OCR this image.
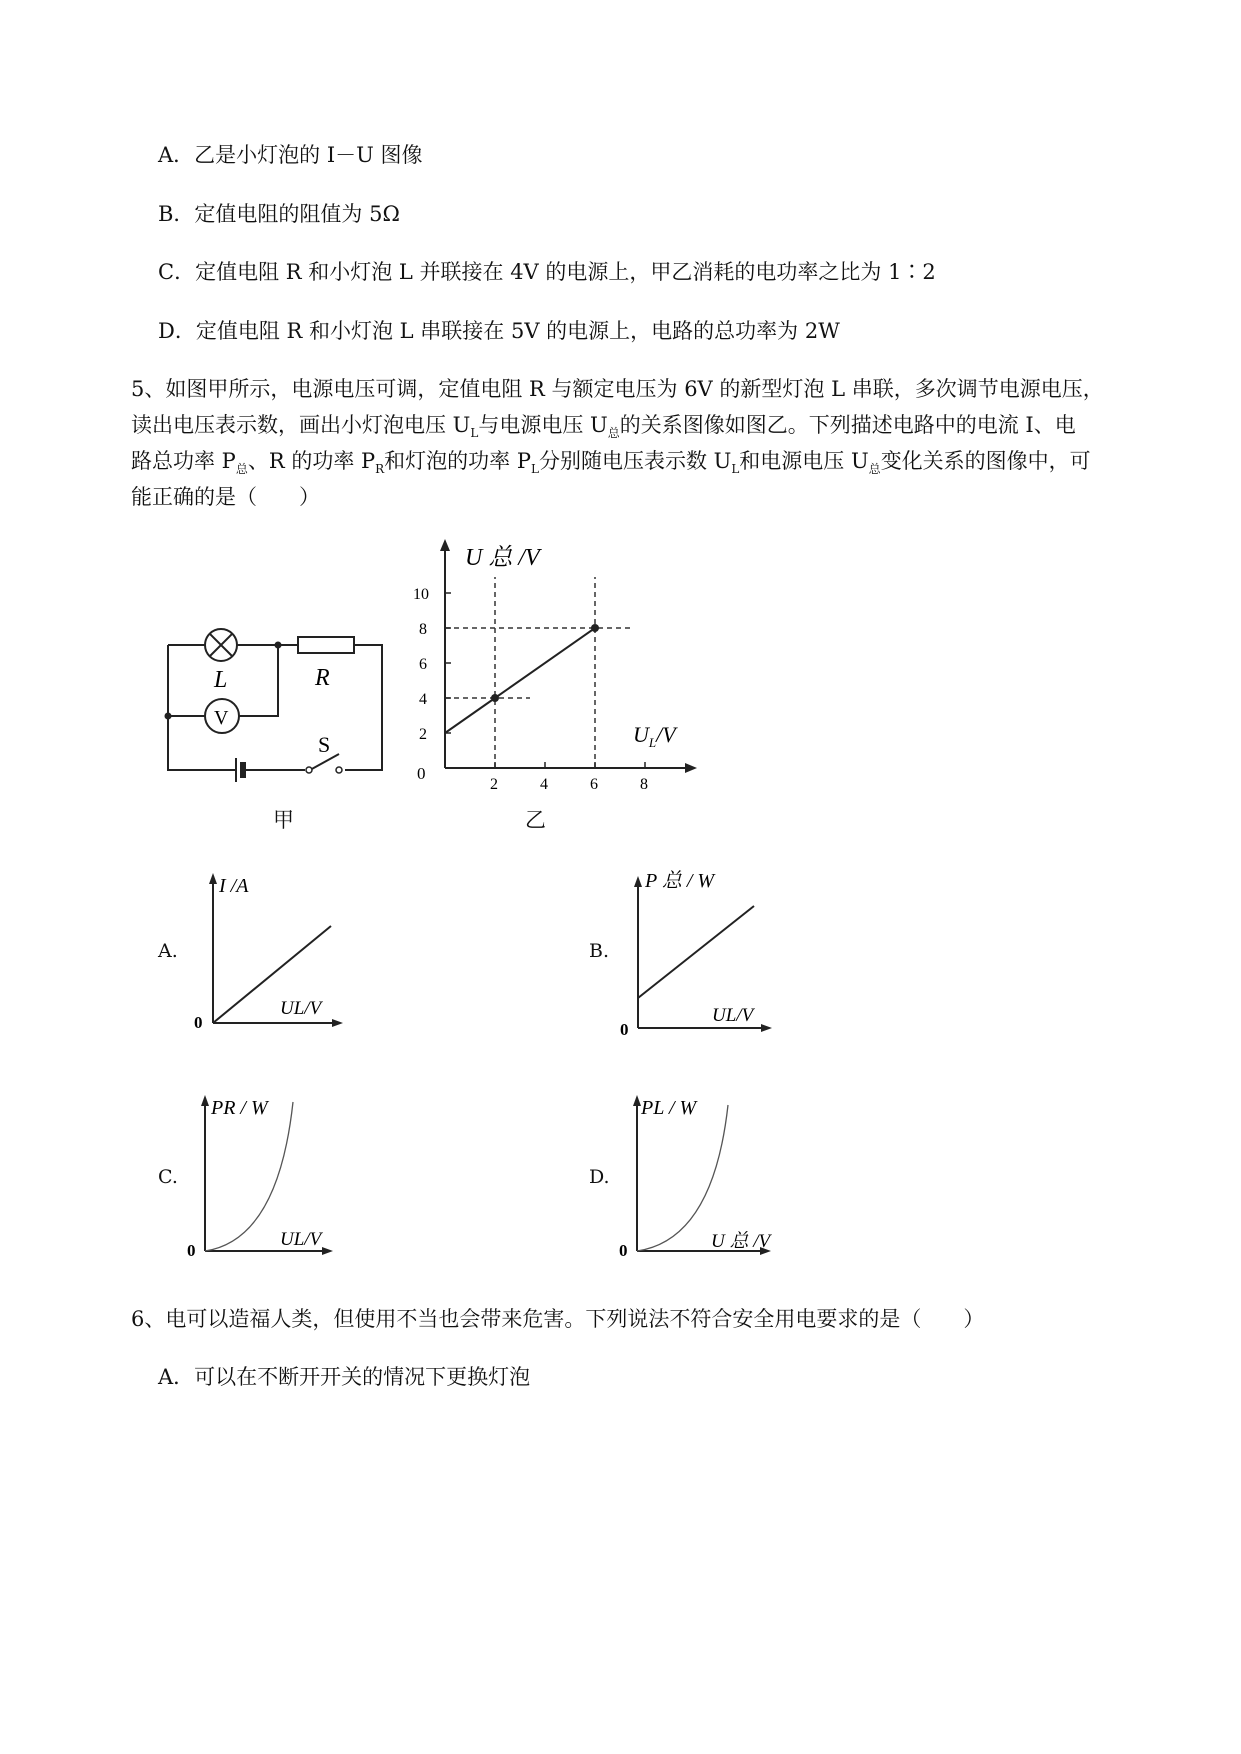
A．乙是小灯泡的 I－U 图像
B．定值电阻的阻值为 5Ω
C．定值电阻 R 和小灯泡 L 并联接在 4V 的电源上，甲乙消耗的电功率之比为 1∶2
D．定值电阻 R 和小灯泡 L 串联接在 5V 的电源上，电路的总功率为 2W
5、如图甲所示，电源电压可调，定值电阻 R 与额定电压为 6V 的新型灯泡 L 串联，多次调节电源电压，
读出电压表示数，画出小灯泡电压 $U_L$与电源电压 $U_总$的关系图像如图乙。下列描述电路中的电流 I、电
路总功率 $P_总$、R 的功率 $P_R$和灯泡的功率 $P_L$分别随电压表示数 $U_L$和电源电压 $U_总$变化关系的图像中，可
能正确的是（　　）
L	R
V
S
甲
U 总 /V
$U_L/V$
0
2
4
6
8
10
2	4	6	8
乙
A.
I /A
UL/V
0
B.
P 总 / W
UL/V
0
C.
PR / W
UL/V
0
D.
PL / W
U 总 /V
0
6、电可以造福人类，但使用不当也会带来危害。下列说法不符合安全用电要求的是（　　）
A．可以在不断开开关的情况下更换灯泡
